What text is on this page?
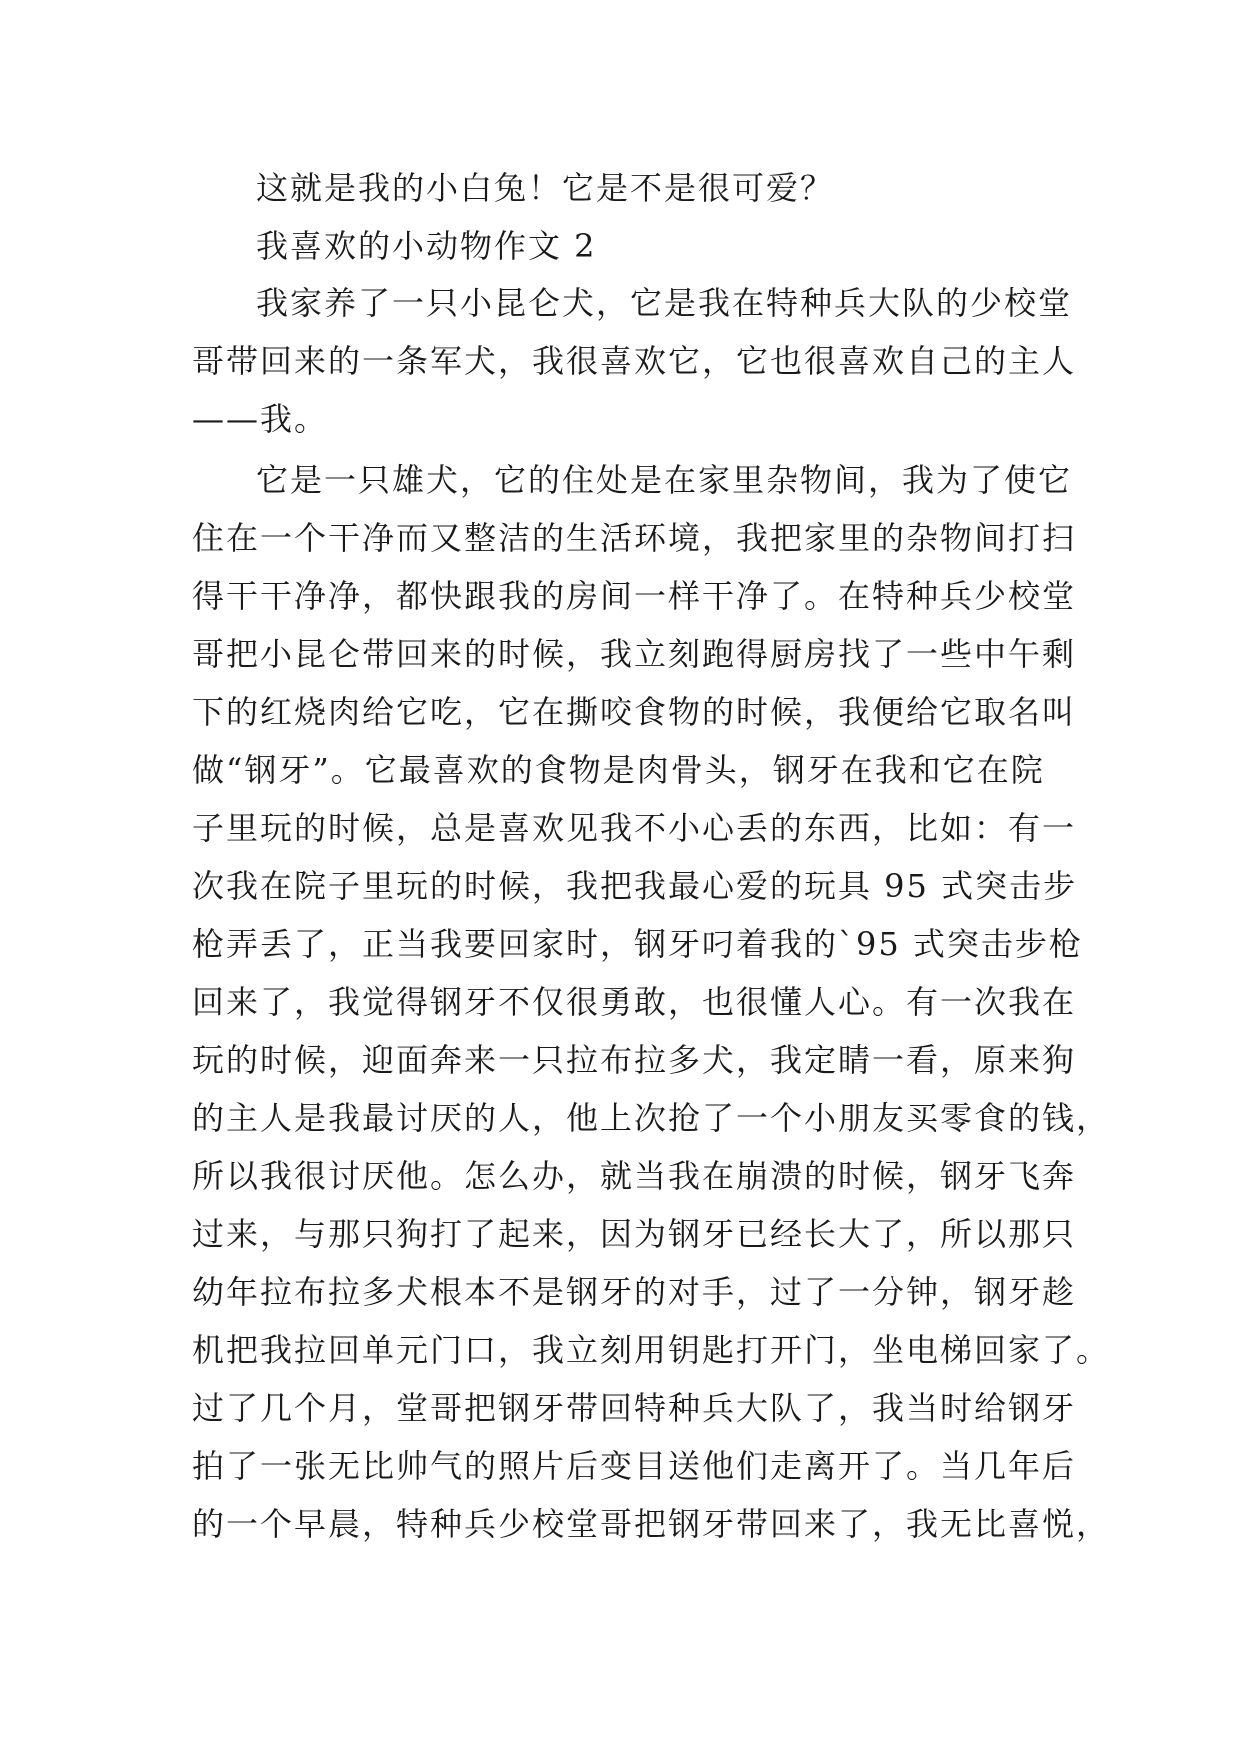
这就是我的小白兔！它是不是很可爱？
我喜欢的小动物作文 2
我家养了一只小昆仑犬，它是我在特种兵大队的少校堂
哥带回来的一条军犬，我很喜欢它，它也很喜欢自己的主人
——我。
它是一只雄犬，它的住处是在家里杂物间，我为了使它
住在一个干净而又整洁的生活环境，我把家里的杂物间打扫
得干干净净，都快跟我的房间一样干净了。在特种兵少校堂
哥把小昆仑带回来的时候，我立刻跑得厨房找了一些中午剩
下的红烧肉给它吃，它在撕咬食物的时候，我便给它取名叫
做“钢牙”。它最喜欢的食物是肉骨头，钢牙在我和它在院
子里玩的时候，总是喜欢见我不小心丢的东西，比如：有一
次我在院子里玩的时候，我把我最心爱的玩具 95 式突击步
枪弄丢了，正当我要回家时，钢牙叼着我的`95 式突击步枪
回来了，我觉得钢牙不仅很勇敢，也很懂人心。有一次我在
玩的时候，迎面奔来一只拉布拉多犬，我定睛一看，原来狗
的主人是我最讨厌的人，他上次抢了一个小朋友买零食的钱，
所以我很讨厌他。怎么办，就当我在崩溃的时候，钢牙飞奔
过来，与那只狗打了起来，因为钢牙已经长大了，所以那只
幼年拉布拉多犬根本不是钢牙的对手，过了一分钟，钢牙趁
机把我拉回单元门口，我立刻用钥匙打开门，坐电梯回家了。
过了几个月，堂哥把钢牙带回特种兵大队了，我当时给钢牙
拍了一张无比帅气的照片后变目送他们走离开了。当几年后
的一个早晨，特种兵少校堂哥把钢牙带回来了，我无比喜悦，
